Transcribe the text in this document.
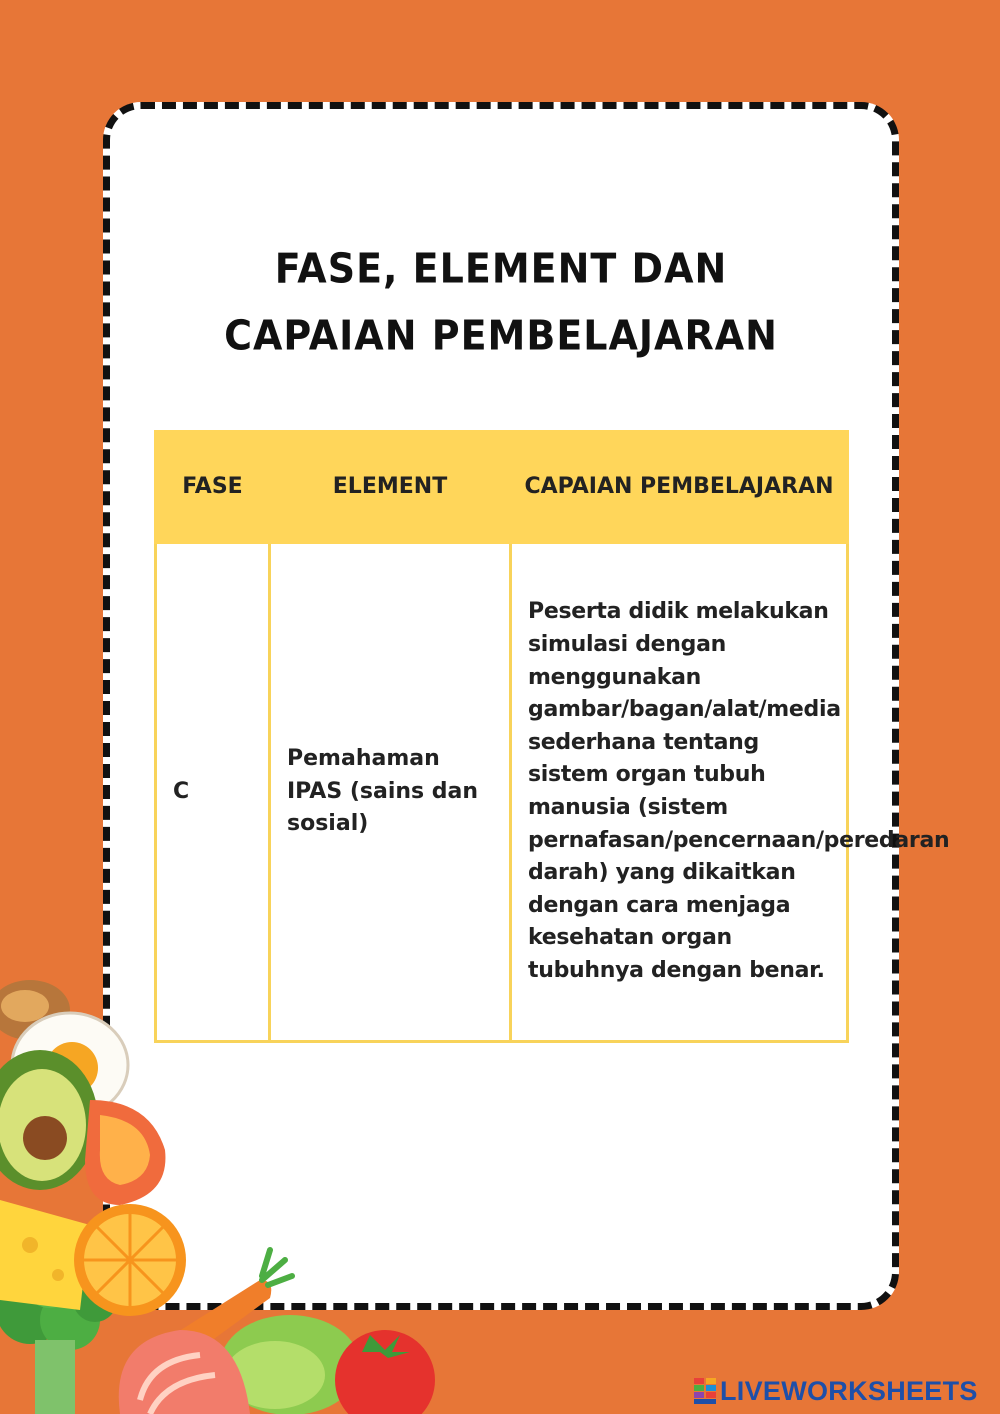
FASE, ELEMENT DAN
CAPAIAN PEMBELAJARAN
FASE	ELEMENT	CAPAIAN PEMBELAJARAN
C	Pemahaman IPAS (sains dan sosial)	Peserta didik melakukan simulasi dengan menggunakan gambar/bagan/alat/media sederhana tentang sistem organ tubuh manusia (sistem pernafasan/pencernaan/peredaran darah) yang dikaitkan dengan cara menjaga kesehatan organ tubuhnya dengan benar.
LIVEWORKSHEETS
